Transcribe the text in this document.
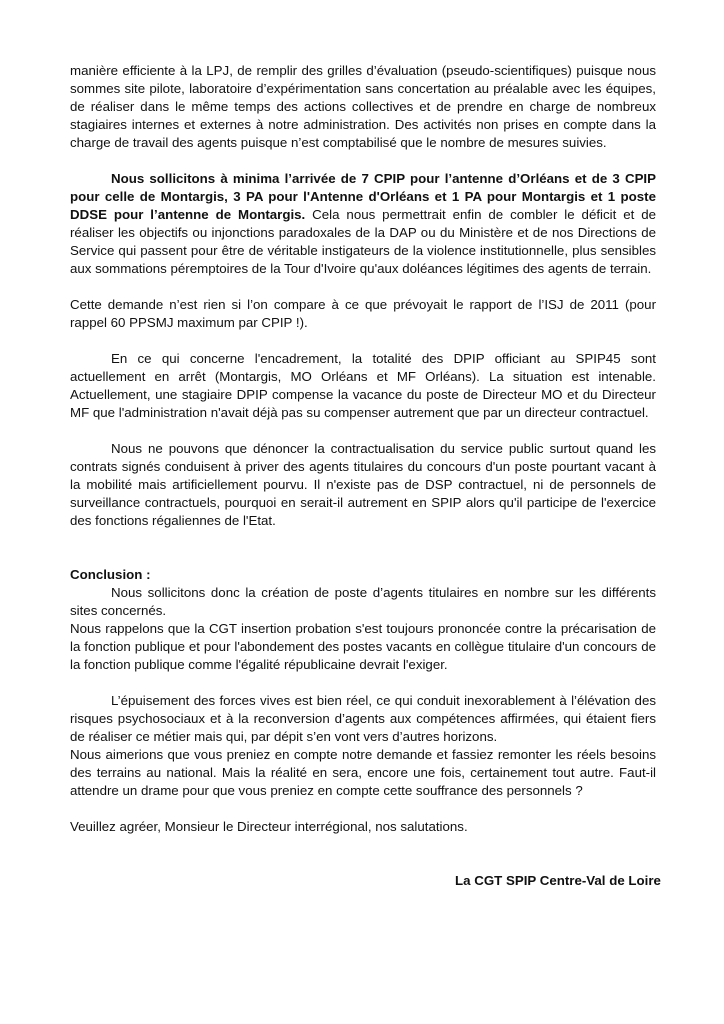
manière efficiente à la LPJ, de remplir des grilles d’évaluation (pseudo-scientifiques) puisque nous sommes site pilote, laboratoire d’expérimentation sans concertation au préalable avec les équipes, de réaliser dans le même temps des actions collectives et de prendre en charge de nombreux stagiaires internes et externes à notre administration. Des activités non prises en compte dans la charge de travail des agents puisque n’est comptabilisé que le nombre de mesures suivies.

Nous sollicitons à minima l’arrivée de 7 CPIP pour l’antenne d’Orléans et de 3 CPIP pour celle de Montargis, 3 PA pour l'Antenne d'Orléans et 1 PA pour Montargis et 1 poste DDSE pour l’antenne de Montargis. Cela nous permettrait enfin de combler le déficit et de réaliser les objectifs ou injonctions paradoxales de la DAP ou du Ministère et de nos Directions de Service qui passent pour être de véritable instigateurs de la violence institutionnelle, plus sensibles aux sommations péremptoires de la Tour d'Ivoire qu'aux doléances légitimes des agents de terrain.

Cette demande n’est rien si l’on compare à ce que prévoyait le rapport de l’ISJ de 2011 (pour rappel 60 PPSMJ maximum par CPIP !).

En ce qui concerne l'encadrement, la totalité des DPIP officiant au SPIP45 sont actuellement en arrêt (Montargis, MO Orléans et MF Orléans). La situation est intenable. Actuellement, une stagiaire DPIP compense la vacance du poste de Directeur MO et du Directeur MF que l'administration n'avait déjà pas su compenser autrement que par un directeur contractuel.

Nous ne pouvons que dénoncer la contractualisation du service public surtout quand les contrats signés conduisent à priver des agents titulaires du concours d'un poste pourtant vacant à la mobilité mais artificiellement pourvu. Il n'existe pas de DSP contractuel, ni de personnels de surveillance contractuels, pourquoi en serait-il autrement en SPIP alors qu'il participe de l'exercice des fonctions régaliennes de l'Etat.

Conclusion :

Nous sollicitons donc la création de poste d’agents titulaires en nombre sur les différents sites concernés.

Nous rappelons que la CGT insertion probation s'est toujours prononcée contre la précarisation de la fonction publique et pour l'abondement des postes vacants en collègue titulaire d'un concours de la fonction publique comme l'égalité républicaine devrait l'exiger.

L’épuisement des forces vives est bien réel, ce qui conduit inexorablement à l’élévation des risques psychosociaux et à la reconversion d’agents aux compétences affirmées, qui étaient fiers de réaliser ce métier mais qui, par dépit s’en vont vers d’autres horizons.

Nous aimerions que vous preniez en compte notre demande et fassiez remonter les réels besoins des terrains au national. Mais la réalité en sera, encore une fois, certainement tout autre. Faut-il attendre un drame pour que vous preniez en compte cette souffrance des personnels ?

Veuillez agréer, Monsieur le Directeur interrégional, nos salutations.

La CGT SPIP Centre-Val de Loire
